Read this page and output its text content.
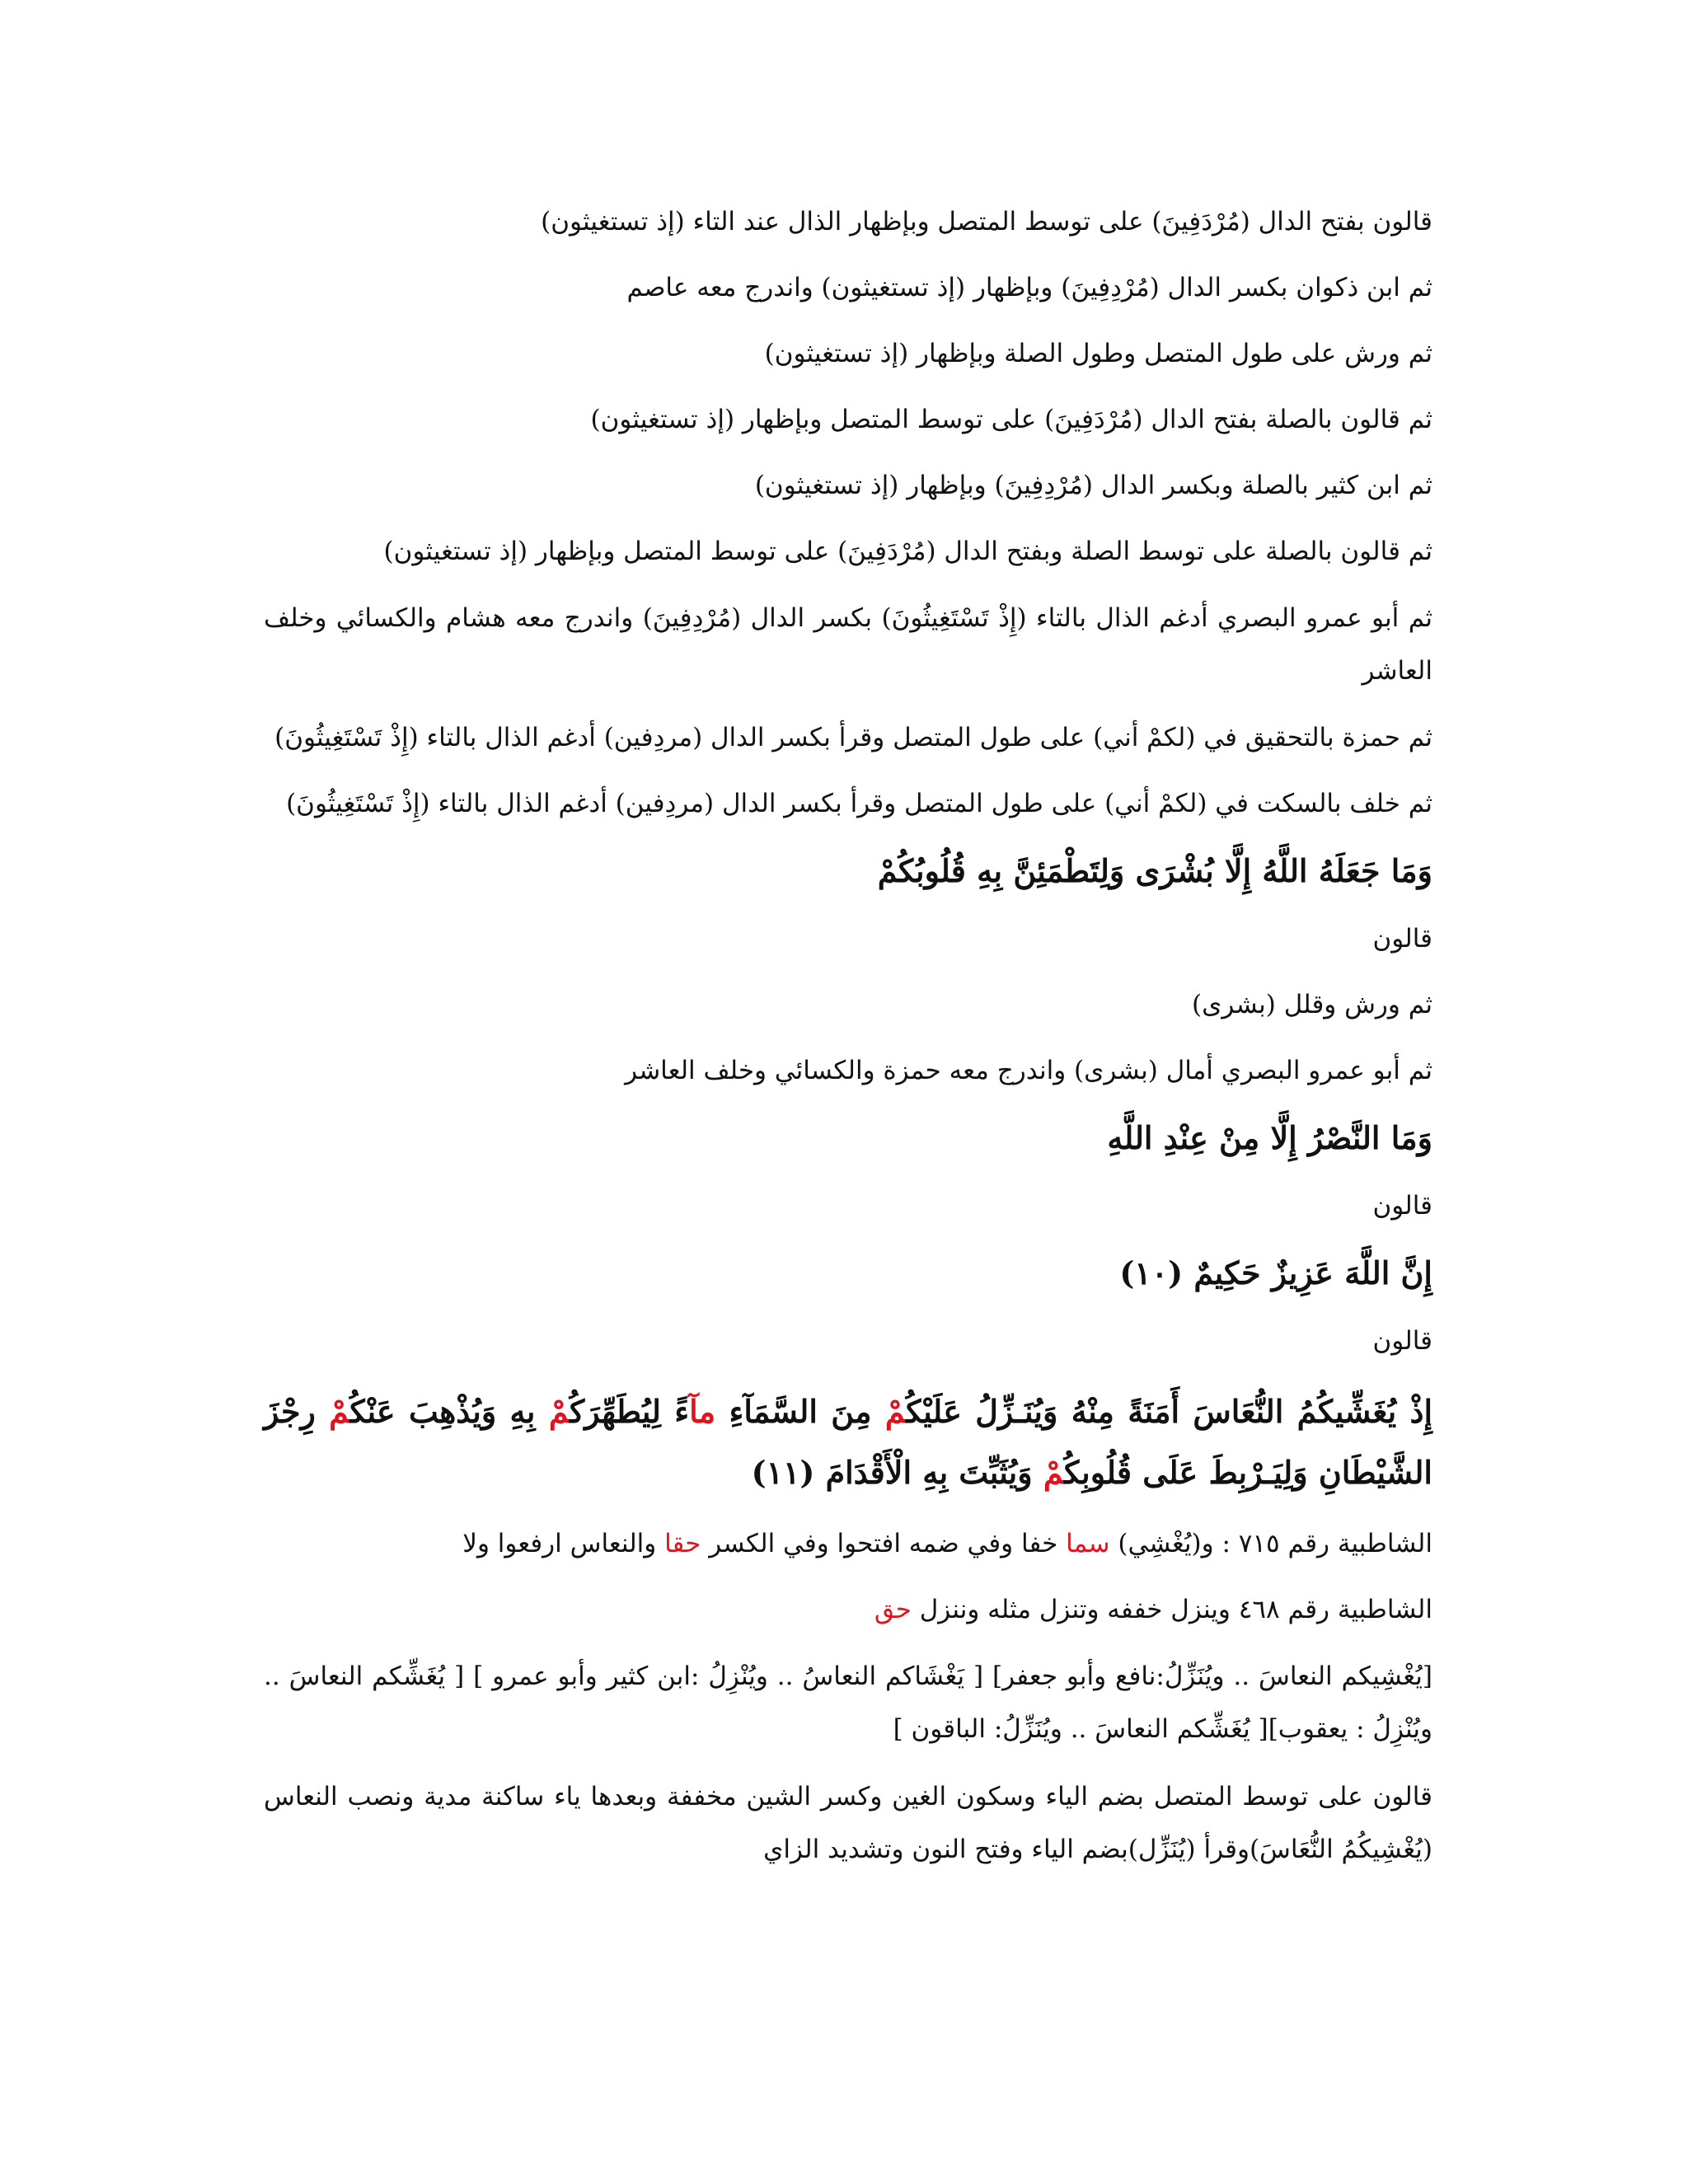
قالون بفتح الدال (مُرْدَفِينَ) على توسط المتصل وبإظهار الذال عند التاء (إذ تستغيثون)

ثم ابن ذكوان بكسر الدال (مُرْدِفِينَ) وبإظهار (إذ تستغيثون) واندرج معه عاصم

ثم ورش على طول المتصل وطول الصلة وبإظهار (إذ تستغيثون)

ثم قالون بالصلة بفتح الدال (مُرْدَفِينَ) على توسط المتصل وبإظهار (إذ تستغيثون)

ثم ابن كثير بالصلة وبكسر الدال (مُرْدِفِينَ) وبإظهار (إذ تستغيثون)

ثم قالون بالصلة على توسط الصلة وبفتح الدال (مُرْدَفِينَ) على توسط المتصل وبإظهار (إذ تستغيثون)

ثم أبو عمرو البصري أدغم الذال بالتاء (إِذْ تَسْتَغِيثُونَ) بكسر الدال (مُرْدِفِينَ) واندرج معه هشام والكسائي وخلف العاشر

ثم حمزة بالتحقيق في (لكمْ أني) على طول المتصل وقرأ بكسر الدال (مردِفين) أدغم الذال بالتاء (إِذْ تَسْتَغِيثُونَ)

ثم خلف بالسكت في (لكمْ أني) على طول المتصل وقرأ بكسر الدال (مردِفين) أدغم الذال بالتاء (إِذْ تَسْتَغِيثُونَ)

وَمَا جَعَلَهُ اللَّهُ إِلَّا بُشْرَى وَلِتَطْمَئِنَّ بِهِ قُلُوبُكُمْ

قالون

ثم ورش وقلل (بشرى)

ثم أبو عمرو البصري أمال (بشرى) واندرج معه حمزة والكسائي وخلف العاشر

وَمَا النَّصْرُ إِلَّا مِنْ عِنْدِ اللَّهِ

قالون

إِنَّ اللَّهَ عَزِيزٌ حَكِيمٌ (١٠)

قالون

إِذْ يُغَشِّيكُمُ النُّعَاسَ أَمَنَةً مِنْهُ وَيُنَـزِّلُ عَلَيْكُمْ مِنَ السَّمَآءِ مآءً لِيُطَهِّرَكُمْ بِهِ وَيُذْهِبَ عَنْكُمْ رِجْزَ الشَّيْطَانِ وَلِيَـرْبِطَ عَلَى قُلُوبِكُمْ وَيُثَبِّتَ بِهِ الْأَقْدَامَ (١١)

الشاطبية رقم ٧١٥ : و(يُغْشِي) سما خفا وفي ضمه افتحوا وفي الكسر حقا والنعاس ارفعوا ولا

الشاطبية رقم ٤٦٨ وينزل خففه وتنزل مثله وننزل حق

[يُغْشِيكم النعاسَ .. ويُنَزِّلُ:نافع وأبو جعفر] [ يَغْشَاكم النعاسُ .. ويُنْزِلُ :ابن كثير وأبو عمرو ] [ يُغَشِّكم النعاسَ .. ويُنْزِلُ : يعقوب][ يُغَشِّكم النعاسَ .. ويُنَزِّلُ: الباقون ]

قالون على توسط المتصل بضم الياء وسكون الغين وكسر الشين مخففة وبعدها ياء ساكنة مدية ونصب النعاس (يُغْشِيكُمُ النُّعَاسَ)وقرأ (يُنَزِّل)بضم الياء وفتح النون وتشديد الزاي
